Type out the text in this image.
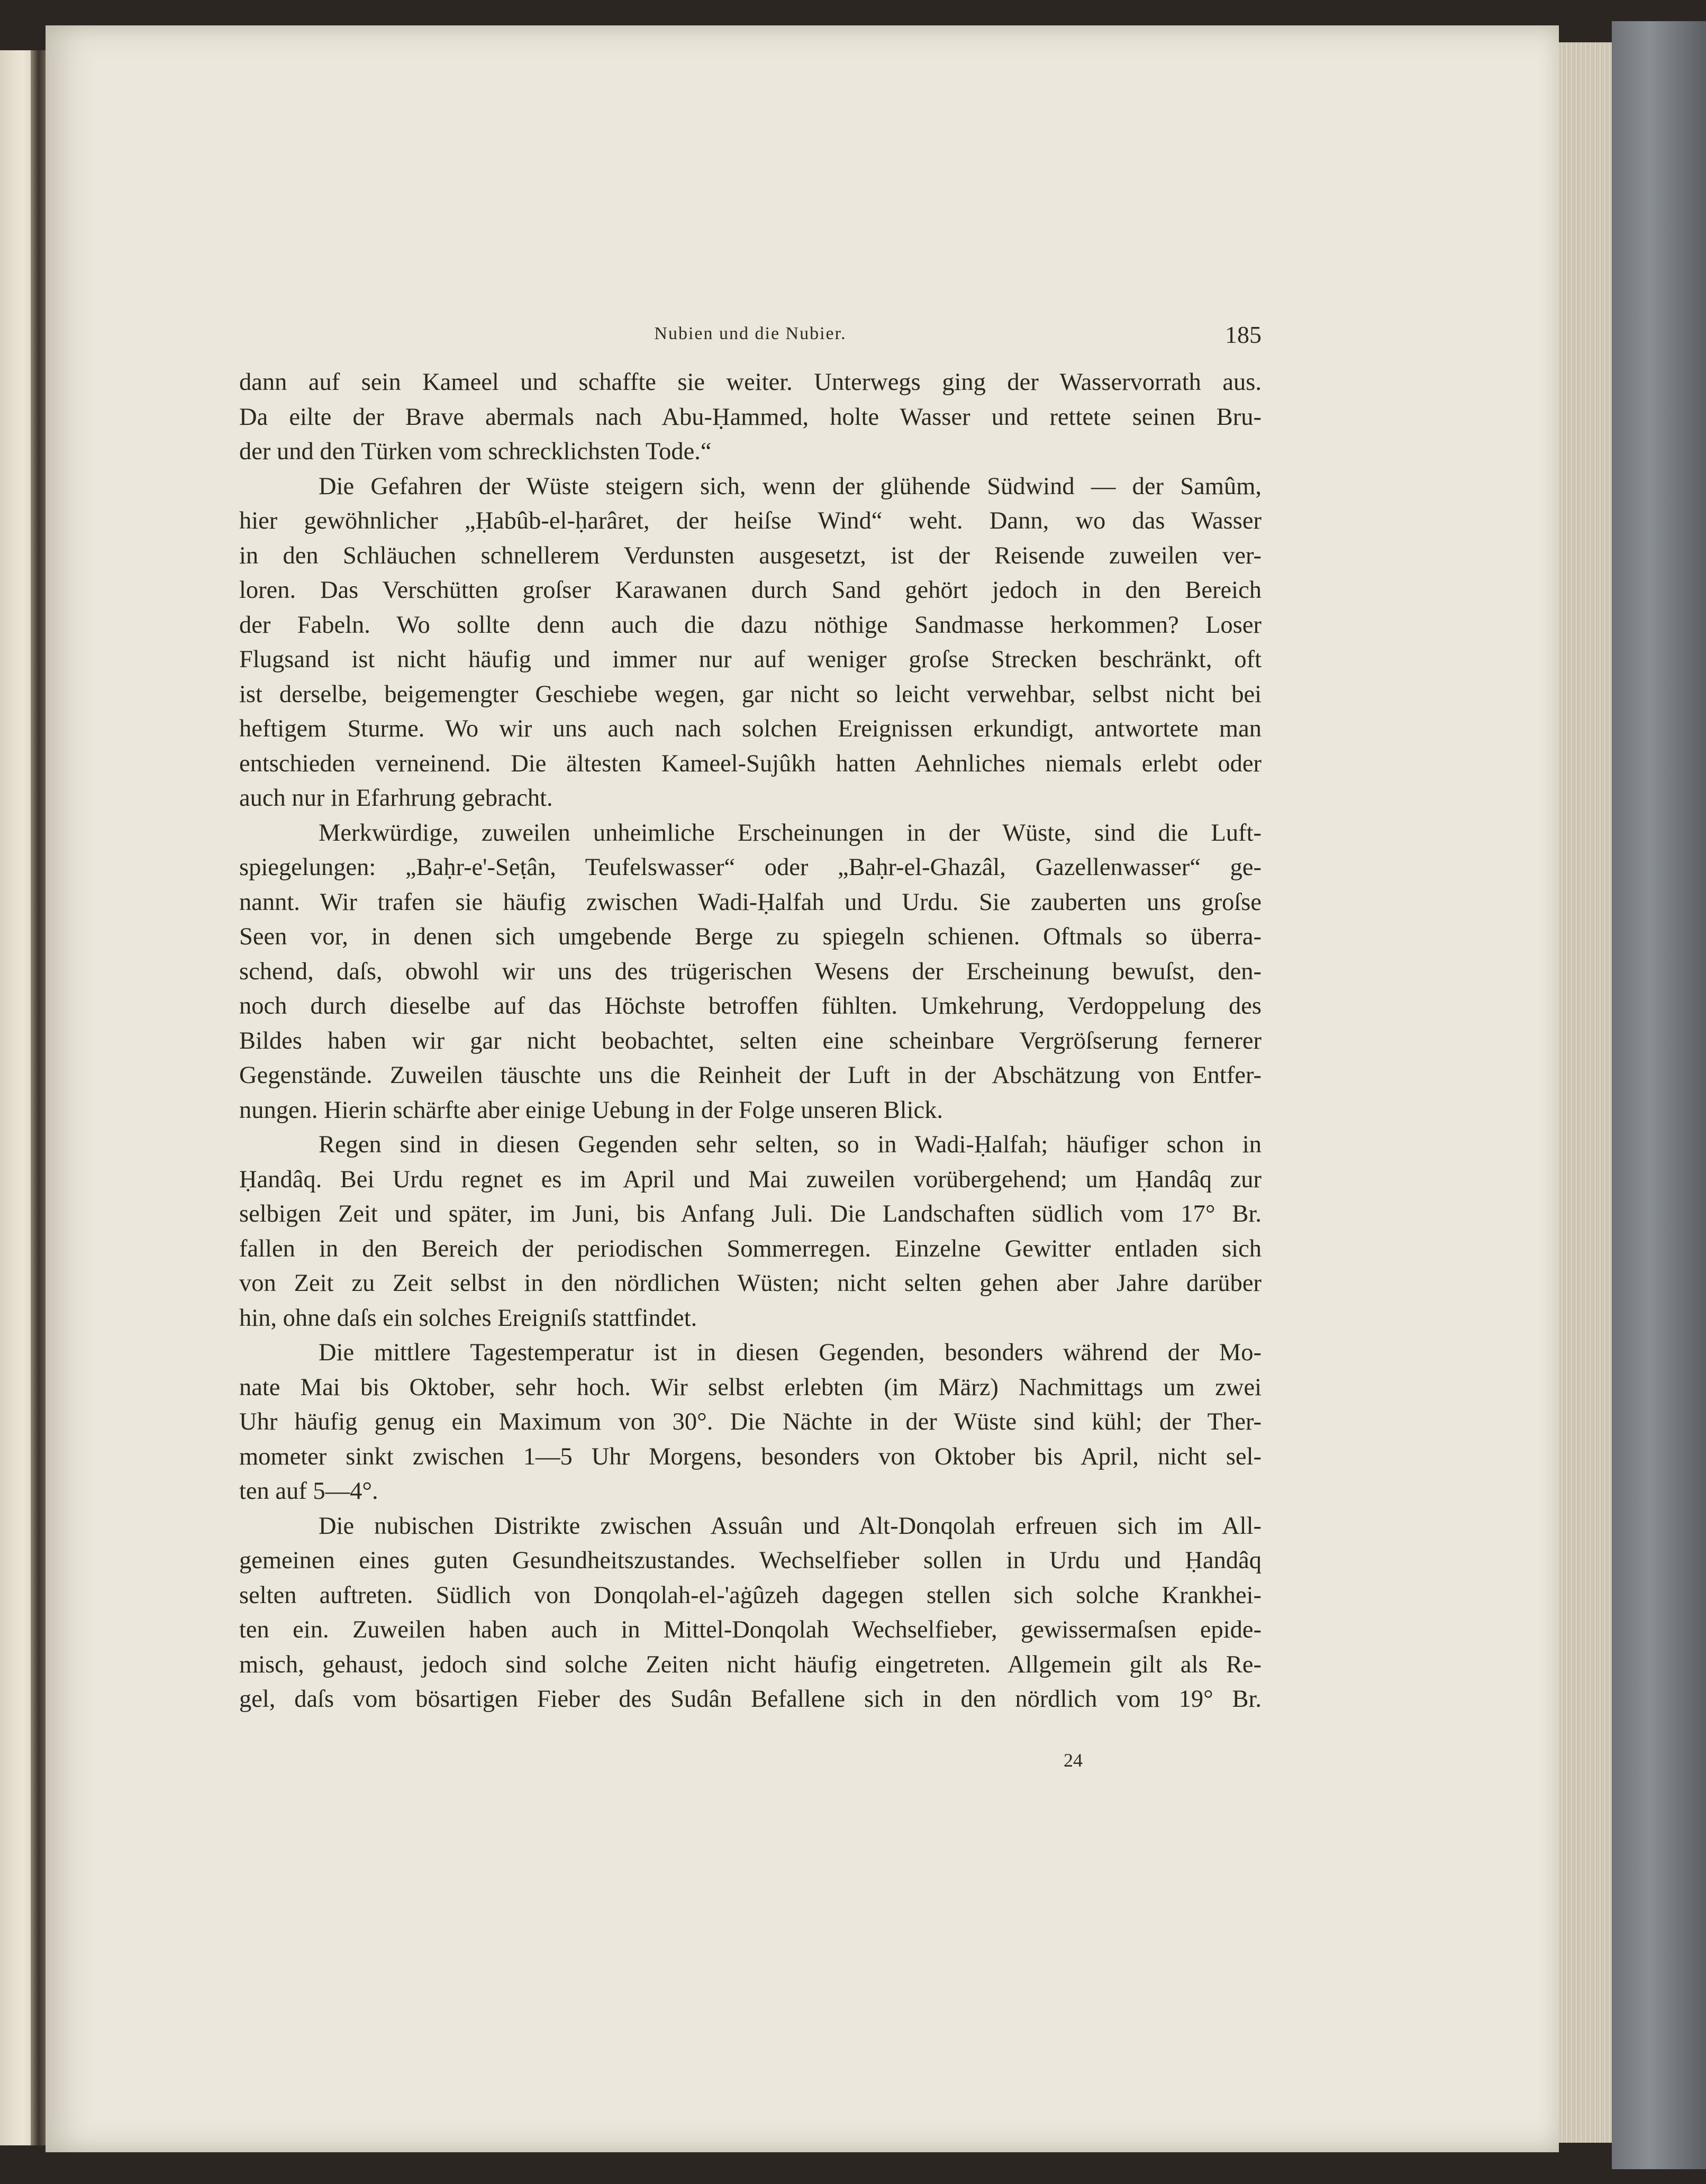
Nubien und die Nubier.	185
dann auf sein Kameel und schaffte sie weiter. Unterwegs ging der Wasservorrath aus.
Da eilte der Brave abermals nach Abu-Ḥammed, holte Wasser und rettete seinen Bru-
der und den Türken vom schrecklichsten Tode.“
Die Gefahren der Wüste steigern sich, wenn der glühende Südwind — der Samûm,
hier gewöhnlicher „Ḥabûb-el-ḥarâret, der heiſse Wind“ weht. Dann, wo das Wasser
in den Schläuchen schnellerem Verdunsten ausgesetzt, ist der Reisende zuweilen ver-
loren. Das Verschütten groſser Karawanen durch Sand gehört jedoch in den Bereich
der Fabeln. Wo sollte denn auch die dazu nöthige Sandmasse herkommen? Loser
Flugsand ist nicht häufig und immer nur auf weniger groſse Strecken beschränkt, oft
ist derselbe, beigemengter Geschiebe wegen, gar nicht so leicht verwehbar, selbst nicht bei
heftigem Sturme. Wo wir uns auch nach solchen Ereignissen erkundigt, antwortete man
entschieden verneinend. Die ältesten Kameel-Sujûkh hatten Aehnliches niemals erlebt oder
auch nur in Efarhrung gebracht.
Merkwürdige, zuweilen unheimliche Erscheinungen in der Wüste, sind die Luft-
spiegelungen: „Baḥr-e'-Seṭân, Teufelswasser“ oder „Baḥr-el-Ghazâl, Gazellenwasser“ ge-
nannt. Wir trafen sie häufig zwischen Wadi-Ḥalfah und Urdu. Sie zauberten uns groſse
Seen vor, in denen sich umgebende Berge zu spiegeln schienen. Oftmals so überra-
schend, daſs, obwohl wir uns des trügerischen Wesens der Erscheinung bewuſst, den-
noch durch dieselbe auf das Höchste betroffen fühlten. Umkehrung, Verdoppelung des
Bildes haben wir gar nicht beobachtet, selten eine scheinbare Vergröſserung fernerer
Gegenstände. Zuweilen täuschte uns die Reinheit der Luft in der Abschätzung von Entfer-
nungen. Hierin schärfte aber einige Uebung in der Folge unseren Blick.
Regen sind in diesen Gegenden sehr selten, so in Wadi-Ḥalfah; häufiger schon in
Ḥandâq. Bei Urdu regnet es im April und Mai zuweilen vorübergehend; um Ḥandâq zur
selbigen Zeit und später, im Juni, bis Anfang Juli. Die Landschaften südlich vom 17° Br.
fallen in den Bereich der periodischen Sommerregen. Einzelne Gewitter entladen sich
von Zeit zu Zeit selbst in den nördlichen Wüsten; nicht selten gehen aber Jahre darüber
hin, ohne daſs ein solches Ereigniſs stattfindet.
Die mittlere Tagestemperatur ist in diesen Gegenden, besonders während der Mo-
nate Mai bis Oktober, sehr hoch. Wir selbst erlebten (im März) Nachmittags um zwei
Uhr häufig genug ein Maximum von 30°. Die Nächte in der Wüste sind kühl; der Ther-
mometer sinkt zwischen 1—5 Uhr Morgens, besonders von Oktober bis April, nicht sel-
ten auf 5—4°.
Die nubischen Distrikte zwischen Assuân und Alt-Donqolah erfreuen sich im All-
gemeinen eines guten Gesundheitszustandes. Wechselfieber sollen in Urdu und Ḥandâq
selten auftreten. Südlich von Donqolah-el-'aġûzeh dagegen stellen sich solche Krankhei-
ten ein. Zuweilen haben auch in Mittel-Donqolah Wechselfieber, gewissermaſsen epide-
misch, gehaust, jedoch sind solche Zeiten nicht häufig eingetreten. Allgemein gilt als Re-
gel, daſs vom bösartigen Fieber des Sudân Befallene sich in den nördlich vom 19° Br.
24
